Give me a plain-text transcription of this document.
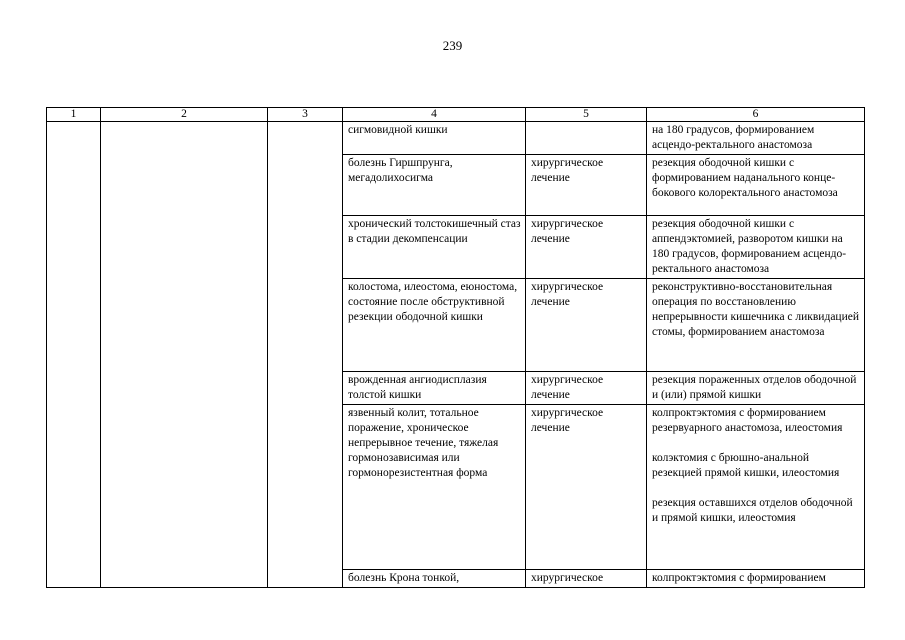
239
1	2	3	4	5	6
			сигмовидной кишки		на 180 градусов, формированием асцендо-ректального анастомоза

			болезнь Гиршпрунга, мегадолихосигма	хирургическое лечение	резекция ободочной кишки с формированием наданального конце-бокового колоректального анастомоза

			хронический толстокишечный стаз в стадии декомпенсации	хирургическое лечение	резекция ободочной кишки с аппендэктомией, разворотом кишки на 180 градусов, формированием асцендо-ректального анастомоза

			колостома, илеостома, еюностома, состояние после обструктивной резекции ободочной кишки	хирургическое лечение	реконструктивно-восстановительная операция по восстановлению непрерывности кишечника с ликвидацией стомы, формированием анастомоза

			врожденная ангиодисплазия толстой кишки	хирургическое лечение	резекция пораженных отделов ободочной и (или) прямой кишки

			язвенный колит, тотальное поражение, хроническое непрерывное течение, тяжелая гормонозависимая или гормонорезистентная форма	хирургическое лечение	колпроктэктомия с формированием резервуарного анастомоза, илеостомия
колэктомия с брюшно-анальной резекцией прямой кишки, илеостомия
резекция оставшихся отделов ободочной и прямой кишки, илеостомия

			болезнь Крона тонкой,	хирургическое	колпроктэктомия с формированием
